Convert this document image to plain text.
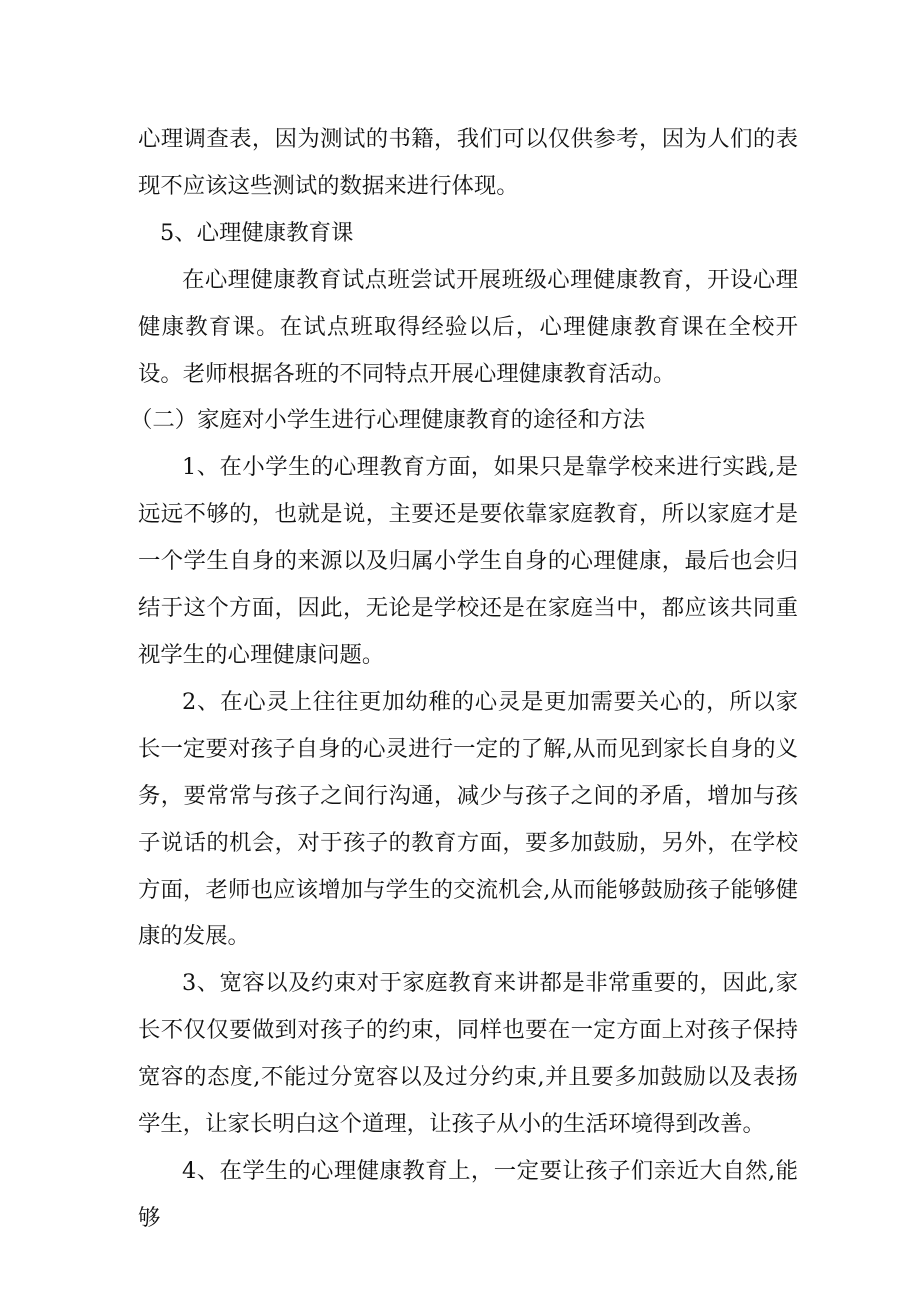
心理调查表，因为测试的书籍，我们可以仅供参考，因为人们的表现不应该这些测试的数据来进行体现。

5、心理健康教育课

在心理健康教育试点班尝试开展班级心理健康教育，开设心理健康教育课。在试点班取得经验以后，心理健康教育课在全校开设。老师根据各班的不同特点开展心理健康教育活动。

（二）家庭对小学生进行心理健康教育的途径和方法

1、在小学生的心理教育方面，如果只是靠学校来进行实践,是远远不够的，也就是说，主要还是要依靠家庭教育，所以家庭才是一个学生自身的来源以及归属小学生自身的心理健康，最后也会归结于这个方面，因此，无论是学校还是在家庭当中，都应该共同重视学生的心理健康问题。

2、在心灵上往往更加幼稚的心灵是更加需要关心的，所以家长一定要对孩子自身的心灵进行一定的了解,从而见到家长自身的义务，要常常与孩子之间行沟通，减少与孩子之间的矛盾，增加与孩子说话的机会，对于孩子的教育方面，要多加鼓励，另外，在学校方面，老师也应该增加与学生的交流机会,从而能够鼓励孩子能够健康的发展。

3、宽容以及约束对于家庭教育来讲都是非常重要的，因此,家长不仅仅要做到对孩子的约束，同样也要在一定方面上对孩子保持宽容的态度,不能过分宽容以及过分约束,并且要多加鼓励以及表扬学生，让家长明白这个道理，让孩子从小的生活环境得到改善。

4、在学生的心理健康教育上，一定要让孩子们亲近大自然,能够
